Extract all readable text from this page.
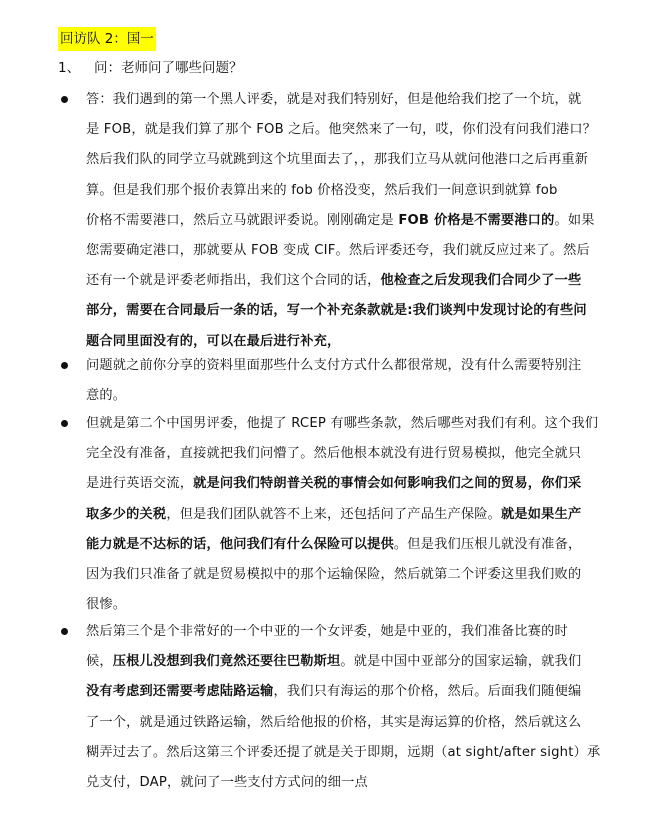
回访队 2：国一
1、 问：老师问了哪些问题？
答：我们遇到的第一个黑人评委，就是对我们特别好，但是他给我们挖了一个坑，就
是 FOB，就是我们算了那个 FOB 之后。他突然来了一句，哎，你们没有问我们港口？
然后我们队的同学立马就跳到这个坑里面去了，，那我们立马从就问他港口之后再重新
算。但是我们那个报价表算出来的 fob 价格没变，然后我们一间意识到就算 fob
价格不需要港口，然后立马就跟评委说。刚刚确定是 FOB 价格是不需要港口的。如果
您需要确定港口，那就要从 FOB 变成 CIF。然后评委还夸，我们就反应过来了。然后
还有一个就是评委老师指出，我们这个合同的话，他检查之后发现我们合同少了一些
部分，需要在合同最后一条的话，写一个补充条款就是:我们谈判中发现讨论的有些问
题合同里面没有的，可以在最后进行补充，
问题就之前你分享的资料里面那些什么支付方式什么都很常规，没有什么需要特别注
意的。
但就是第二个中国男评委，他提了 RCEP 有哪些条款，然后哪些对我们有利。这个我们
完全没有准备，直接就把我们问懵了。然后他根本就没有进行贸易模拟，他完全就只
是进行英语交流，就是问我们特朗普关税的事情会如何影响我们之间的贸易，你们采
取多少的关税，但是我们团队就答不上来，还包括问了产品生产保险。就是如果生产
能力就是不达标的话，他问我们有什么保险可以提供。但是我们压根儿就没有准备，
因为我们只准备了就是贸易模拟中的那个运输保险，然后就第二个评委这里我们败的
很惨。
然后第三个是个非常好的一个中亚的一个女评委，她是中亚的，我们准备比赛的时
候，压根儿没想到我们竟然还要往巴勒斯坦。就是中国中亚部分的国家运输，就我们
没有考虑到还需要考虑陆路运输，我们只有海运的那个价格，然后。后面我们随便编
了一个，就是通过铁路运输，然后给他报的价格，其实是海运算的价格，然后就这么
糊弄过去了。然后这第三个评委还提了就是关于即期，远期（at sight/after sight）承
兑支付，DAP，就问了一些支付方式问的细一点
